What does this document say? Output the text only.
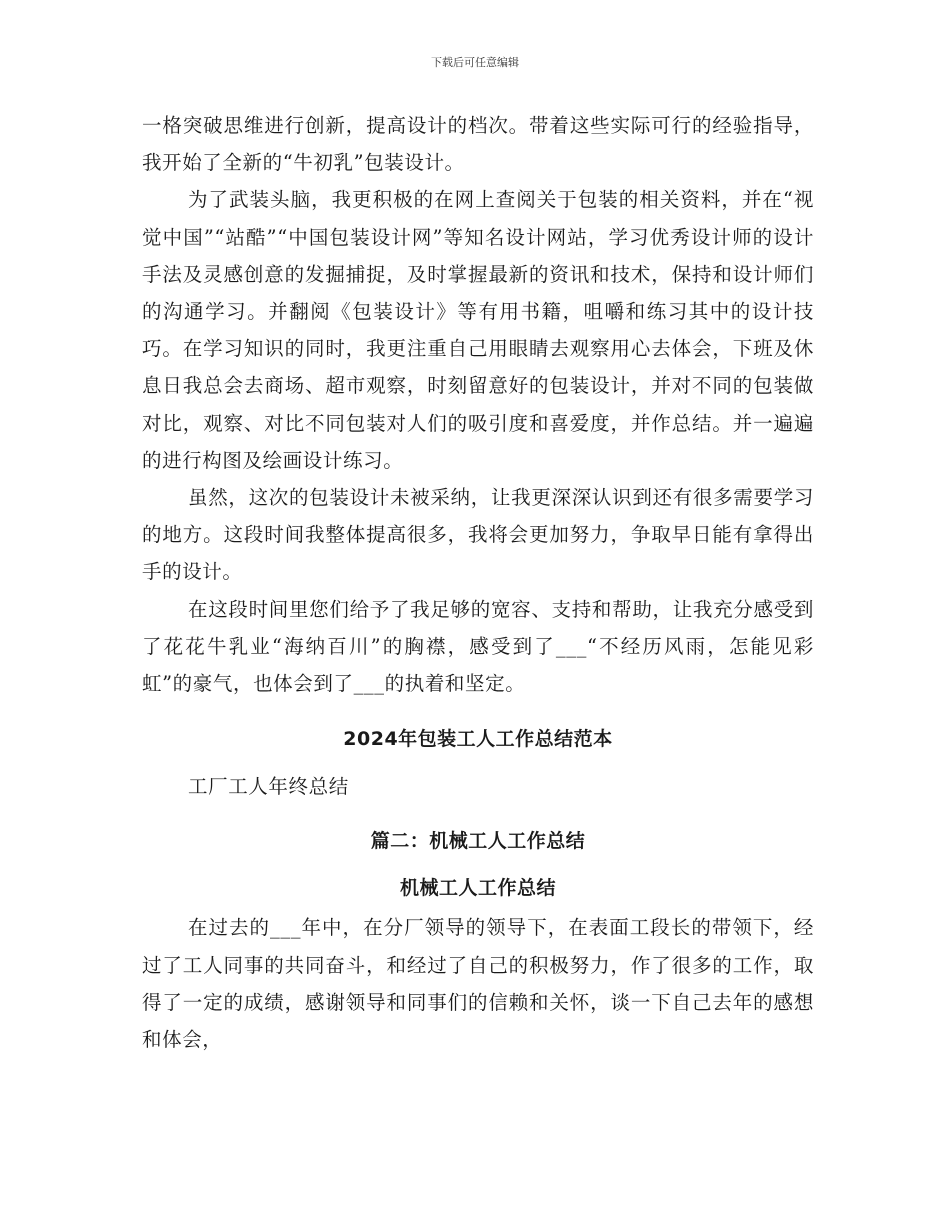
下载后可任意编辑

一格突破思维进行创新，提高设计的档次。带着这些实际可行的经验指导，我开始了全新的“牛初乳”包装设计。

为了武装头脑，我更积极的在网上查阅关于包装的相关资料，并在“视觉中国”“站酷”“中国包装设计网”等知名设计网站，学习优秀设计师的设计手法及灵感创意的发掘捕捉，及时掌握最新的资讯和技术，保持和设计师们的沟通学习。并翻阅《包装设计》等有用书籍，咀嚼和练习其中的设计技巧。在学习知识的同时，我更注重自己用眼睛去观察用心去体会，下班及休息日我总会去商场、超市观察，时刻留意好的包装设计，并对不同的包装做对比，观察、对比不同包装对人们的吸引度和喜爱度，并作总结。并一遍遍的进行构图及绘画设计练习。

虽然，这次的包装设计未被采纳，让我更深深认识到还有很多需要学习的地方。这段时间我整体提高很多，我将会更加努力，争取早日能有拿得出手的设计。

在这段时间里您们给予了我足够的宽容、支持和帮助，让我充分感受到了花花牛乳业“海纳百川”的胸襟，感受到了___“不经历风雨，怎能见彩虹”的豪气，也体会到了___的执着和坚定。

2024年包装工人工作总结范本

工厂工人年终总结

篇二：机械工人工作总结
机械工人工作总结

在过去的___年中，在分厂领导的领导下，在表面工段长的带领下，经过了工人同事的共同奋斗，和经过了自己的积极努力，作了很多的工作，取得了一定的成绩，感谢领导和同事们的信赖和关怀，谈一下自己去年的感想和体会，
